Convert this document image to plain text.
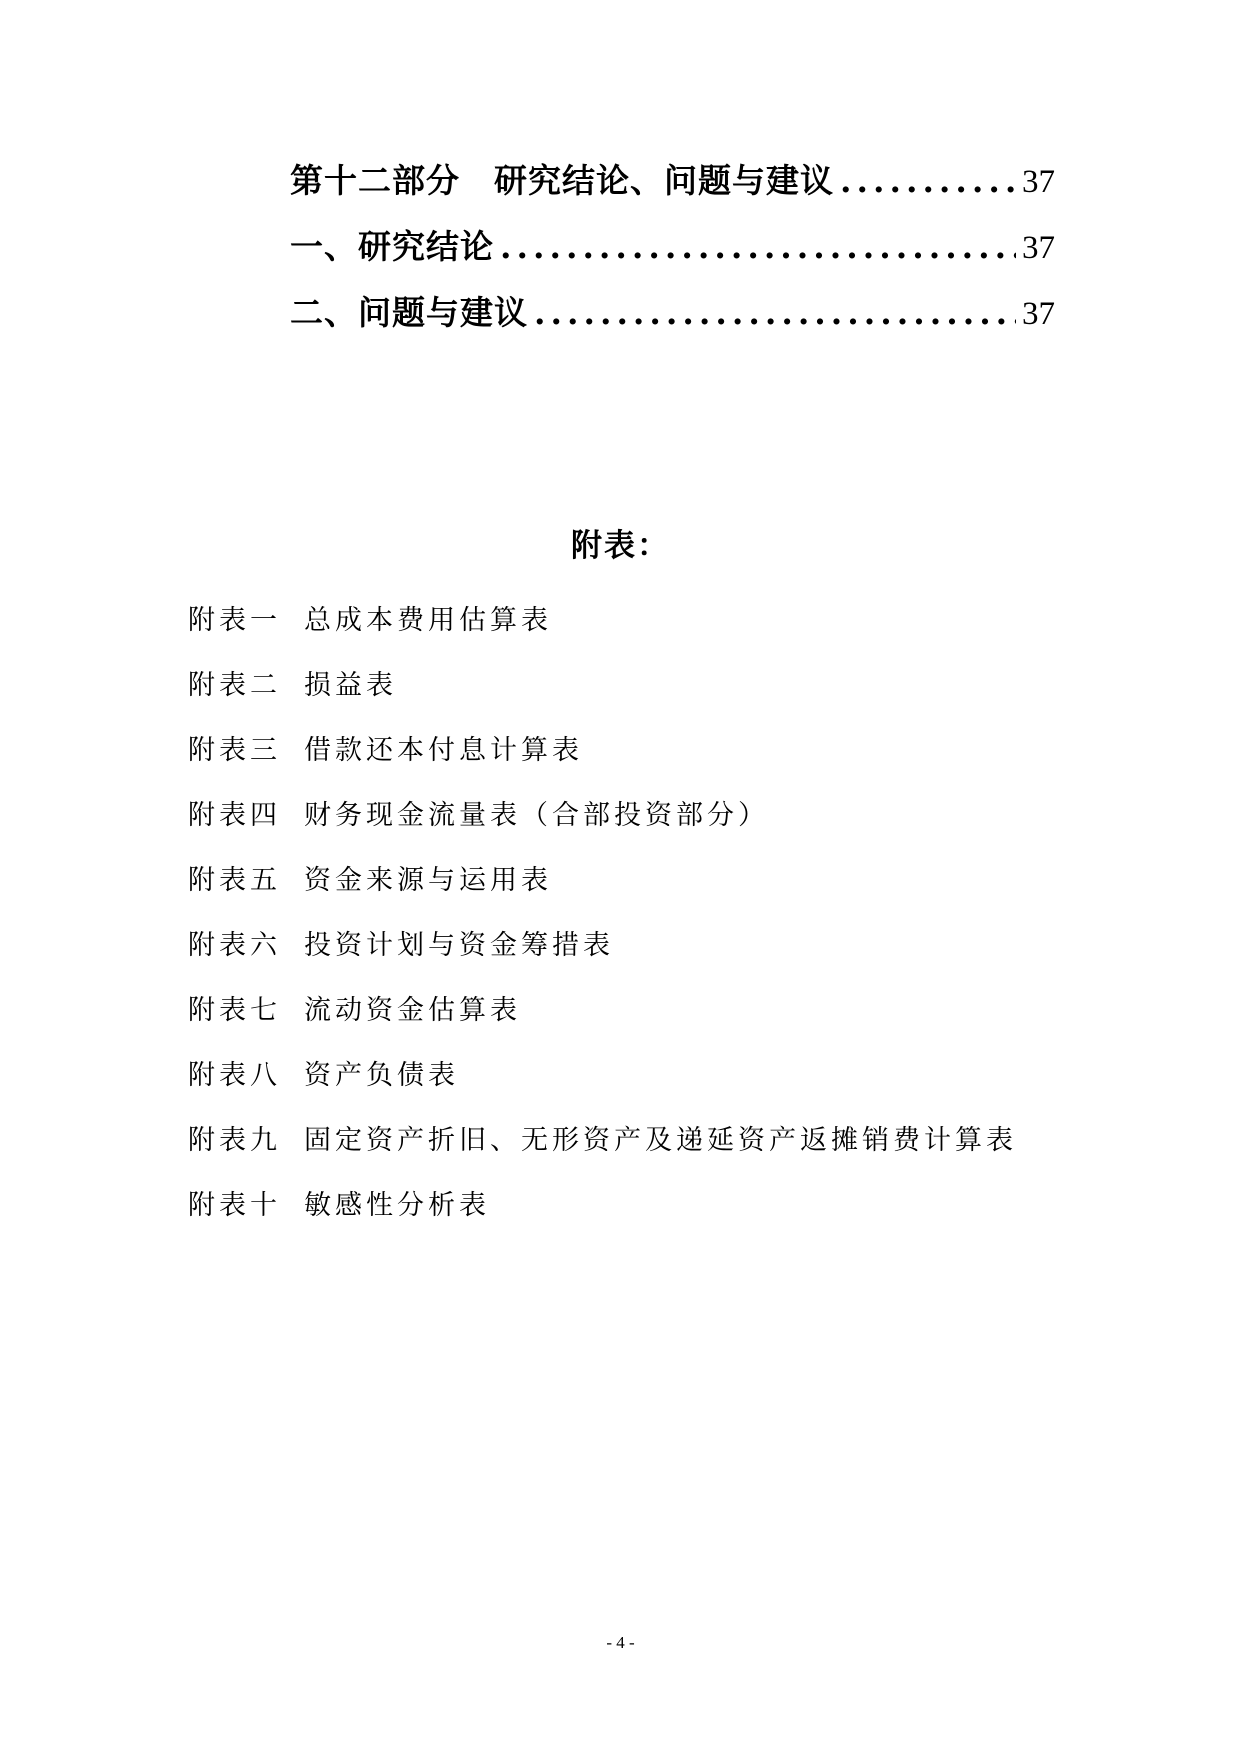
第十二部分　研究结论、问题与建议 .....	37
一、研究结论 .....	37
二、问题与建议 .....	37
附表：
附表一 总成本费用估算表
附表二 损益表
附表三 借款还本付息计算表
附表四 财务现金流量表（合部投资部分）
附表五 资金来源与运用表
附表六 投资计划与资金筹措表
附表七 流动资金估算表
附表八 资产负债表
附表九 固定资产折旧、无形资产及递延资产返摊销费计算表
附表十 敏感性分析表
- 4 -
